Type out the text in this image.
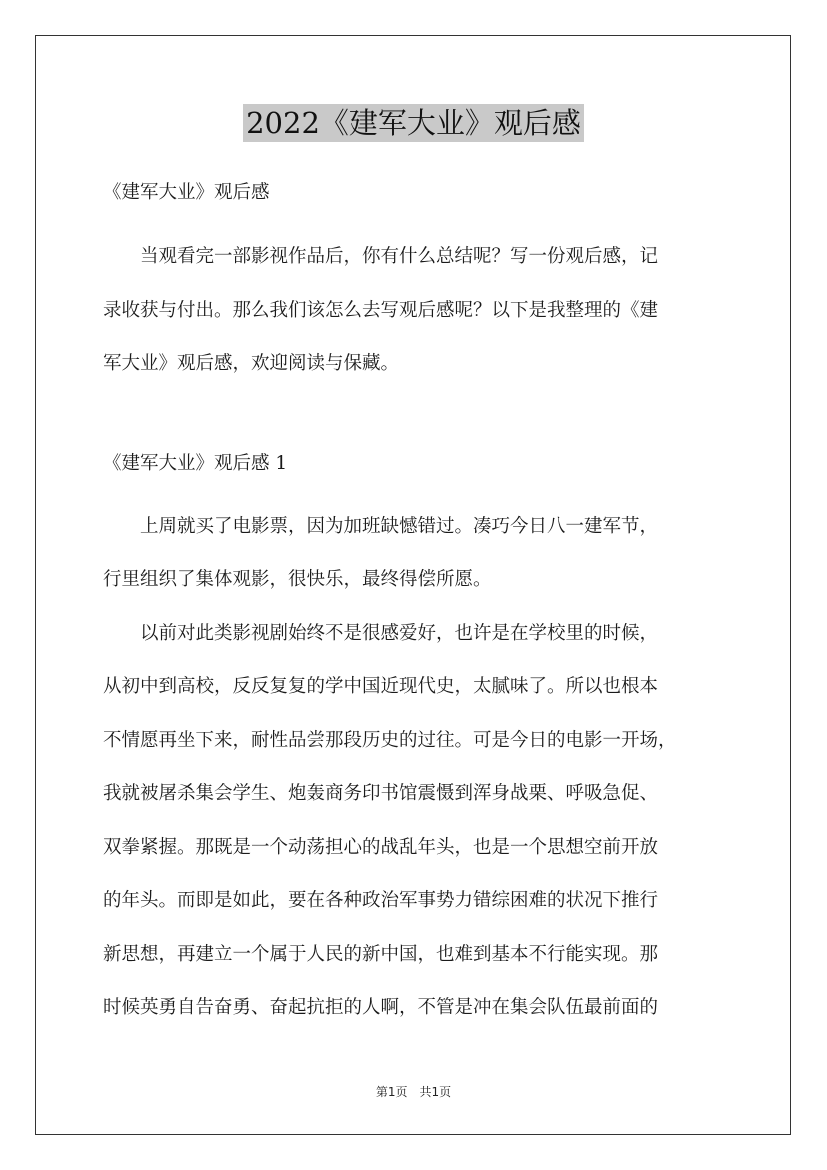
2022《建军大业》观后感
《建军大业》观后感

　　当观看完一部影视作品后，你有什么总结呢？写一份观后感，记
录收获与付出。那么我们该怎么去写观后感呢？以下是我整理的《建
军大业》观后感，欢迎阅读与保藏。

《建军大业》观后感 1

　　上周就买了电影票，因为加班缺憾错过。凑巧今日八一建军节，
行里组织了集体观影，很快乐，最终得偿所愿。

　　以前对此类影视剧始终不是很感爱好，也许是在学校里的时候，
从初中到高校，反反复复的学中国近现代史，太腻味了。所以也根本
不情愿再坐下来，耐性品尝那段历史的过往。可是今日的电影一开场，
我就被屠杀集会学生、炮轰商务印书馆震慑到浑身战栗、呼吸急促、
双拳紧握。那既是一个动荡担心的战乱年头，也是一个思想空前开放
的年头。而即是如此，要在各种政治军事势力错综困难的状况下推行
新思想，再建立一个属于人民的新中国，也难到基本不行能实现。那
时候英勇自告奋勇、奋起抗拒的人啊，不管是冲在集会队伍最前面的

第1页　共1页
